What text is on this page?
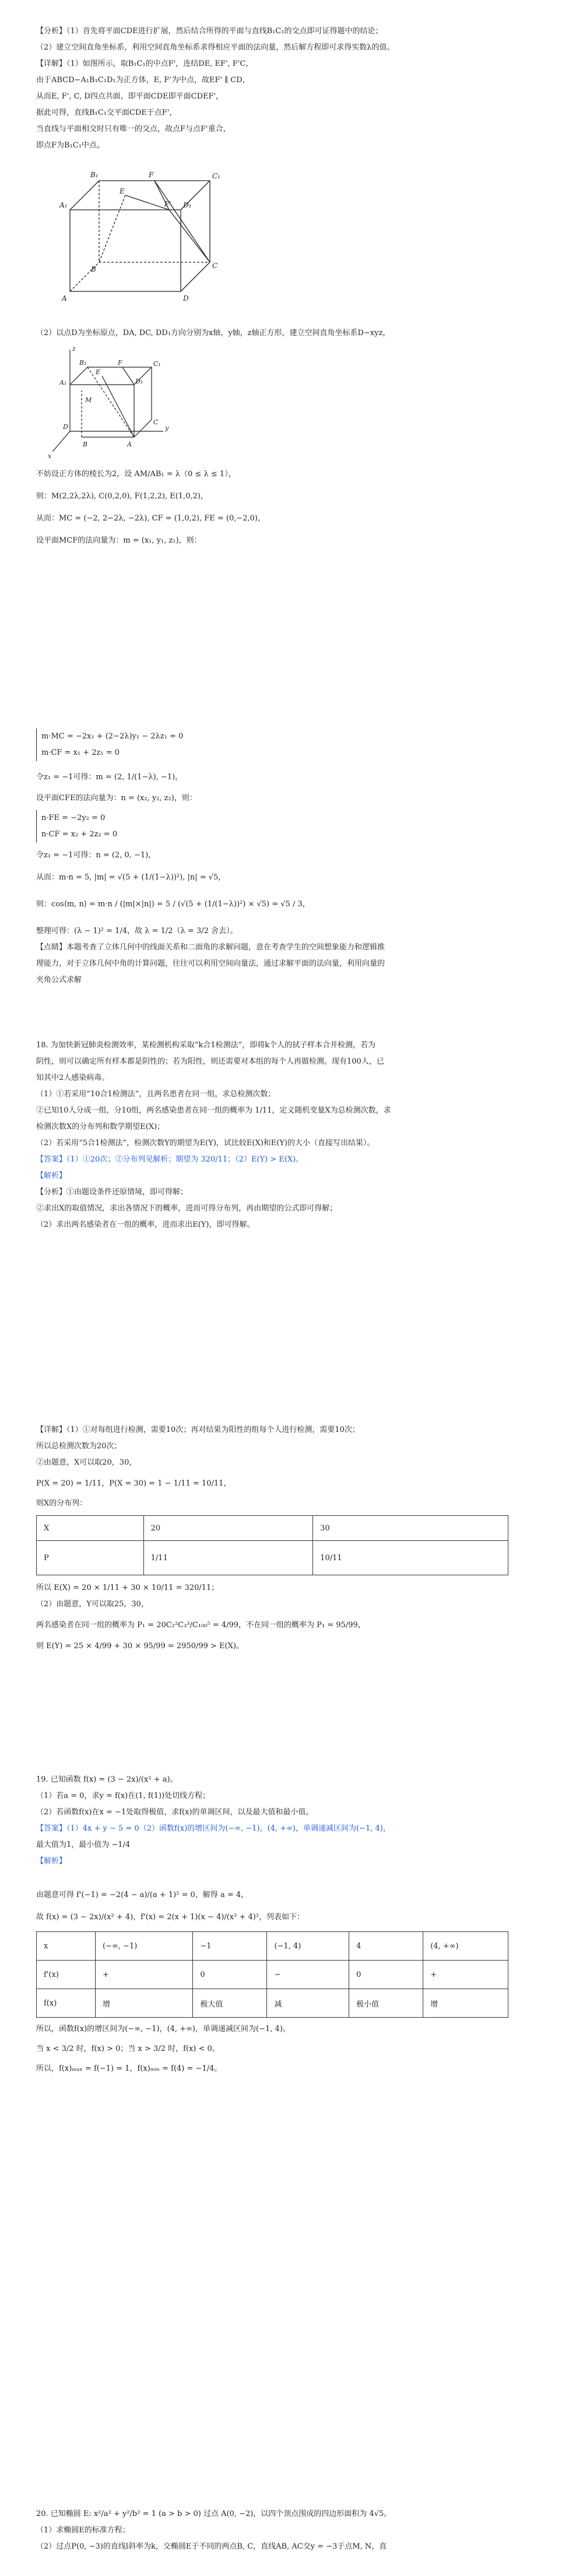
【分析】（1）首先将平面CDE进行扩展，然后结合所得的平面与直线B₁C₁的交点即可证得题中的结论；
（2）建立空间直角坐标系，利用空间直角坐标系求得相应平面的法向量，然后解方程即可求得实数λ的值。
【详解】（1）如图所示，取B₁C₁的中点F'，连结DE, EF', F'C，
由于ABCD−A₁B₁C₁D₁为正方体，E, F'为中点，故EF' ∥ CD，
从而E, F', C, D四点共面，即平面CDE即平面CDEF'，
据此可得，直线B₁C₁交平面CDE于点F'，
当直线与平面相交时只有唯一的交点，故点F与点F'重合，
即点F为B₁C₁中点。
B₁	F	C₁
A₁	F' D₁
E
B	C
A	D
（2）以点D为坐标原点，DA, DC, DD₁方向分别为x轴，y轴，z轴正方形，建立空间直角坐标系D−xyz，
z
B₁	C₁
A₁
F
D₁
E
M
B
y
C
D
A
x
不妨设正方体的棱长为2，设 AM/AB₁ = λ（0 ≤ λ ≤ 1），
则：M(2,2λ,2λ), C(0,2,0), F(1,2,2), E(1,0,2)，
从而：MC = (−2, 2−2λ, −2λ), CF = (1,0,2), FE = (0,−2,0)，
设平面MCF的法向量为：m = (x₁, y₁, z₁)，则：
m·MC = −2x₁ + (2−2λ)y₁ − 2λz₁ = 0
m·CF = x₁ + 2z₁ = 0
令z₁ = −1可得：m = (2, 1/(1−λ), −1)，
设平面CFE的法向量为：n = (x₂, y₂, z₂)，则：
n·FE = −2y₂ = 0
n·CF = x₂ + 2z₂ = 0
令z₁ = −1可得：n = (2, 0, −1)，
从而：m·n = 5, |m| = √(5 + (1/(1−λ))²), |n| = √5，
则：cos⟨m, n⟩ = m·n / (|m|×|n|) = 5 / (√(5 + (1/(1−λ))²) × √5) = √5 / 3，
整理可得：(λ − 1)² = 1/4，故 λ = 1/2（λ = 3/2 舍去）。
【点睛】本题考查了立体几何中的线面关系和二面角的求解问题，意在考查学生的空间想象能力和逻辑推
理能力，对于立体几何中角的计算问题，往往可以利用空间向量法，通过求解平面的法向量，利用向量的
夹角公式求解
18. 为加快新冠肺炎检测效率，某检测机构采取“k合1检测法”，即将k个人的拭子样本合并检测，若为
阴性，则可以确定所有样本都是阴性的；若为阳性，则还需要对本组的每个人再做检测。现有100人，已
知其中2人感染病毒。
（1）①若采用“10合1检测法”，且两名患者在同一组，求总检测次数；
②已知10人分成一组，分10组，两名感染患者在同一组的概率为 1/11，定义随机变量X为总检测次数，求
检测次数X的分布列和数学期望E(X)；
（2）若采用“5合1检测法”，检测次数Y的期望为E(Y)，试比较E(X)和E(Y)的大小（直接写出结果）。
【答案】（1）①20次；②分布列见解析；期望为 320/11；（2）E(Y) > E(X)。
【解析】
【分析】①由题设条件还原情境，即可得解；
②求出X的取值情况，求出各情况下的概率，进而可得分布列，再由期望的公式即可得解；
（2）求出两名感染者在一组的概率，进而求出E(Y)，即可得解。
【详解】（1）①对每组进行检测，需要10次；再对结果为阳性的组每个人进行检测，需要10次；
所以总检测次数为20次；
②由题意，X可以取20，30，
P(X = 20) = 1/11，P(X = 30) = 1 − 1/11 = 10/11，
则X的分布列：
X	20	30
P	1/11	10/11
所以 E(X) = 20 × 1/11 + 30 × 10/11 = 320/11；
（2）由题意，Y可以取25，30，
两名感染者在同一组的概率为 P₁ = 20C₂²C₃³/C₁₀₀⁵ = 4/99，不在同一组的概率为 P₁ = 95/99，
则 E(Y) = 25 × 4/99 + 30 × 95/99 = 2950/99 > E(X)。
19. 已知函数 f(x) = (3 − 2x)/(x² + a)。
（1）若a = 0，求y = f(x)在(1, f(1))处切线方程；
（2）若函数f(x)在x = −1处取得极值，求f(x)的单调区间，以及最大值和最小值。
【答案】（1）4x + y − 5 = 0（2）函数f(x)的增区间为(−∞, −1)，(4, +∞)，单调递减区间为(−1, 4)，
最大值为1，最小值为 −1/4
【解析】
由题意可得 f'(−1) = −2(4 − a)/(a + 1)² = 0，解得 a = 4，
故 f(x) = (3 − 2x)/(x² + 4)，f'(x) = 2(x + 1)(x − 4)/(x² + 4)²，列表如下：
x	(−∞, −1)	−1	(−1, 4)	4	(4, +∞)
f'(x)	+	0	−	0	+
f(x)	增	极大值	减	极小值	增
所以，函数f(x)的增区间为(−∞, −1)，(4, +∞)，单调递减区间为(−1, 4)。
当 x < 3/2 时，f(x) > 0；当 x > 3/2 时，f(x) < 0。
所以，f(x)ₘₐₓ = f(−1) = 1，f(x)ₘᵢₙ = f(4) = −1/4。
20. 已知椭圆 E: x²/a² + y²/b² = 1 (a > b > 0) 过点 A(0, −2)，以四个顶点围成的四边形面积为 4√5。
（1）求椭圆E的标准方程；
（2）过点P(0, −3)的直线l斜率为k，交椭圆E于不同的两点B, C，直线AB, AC交y = −3于点M, N，直
